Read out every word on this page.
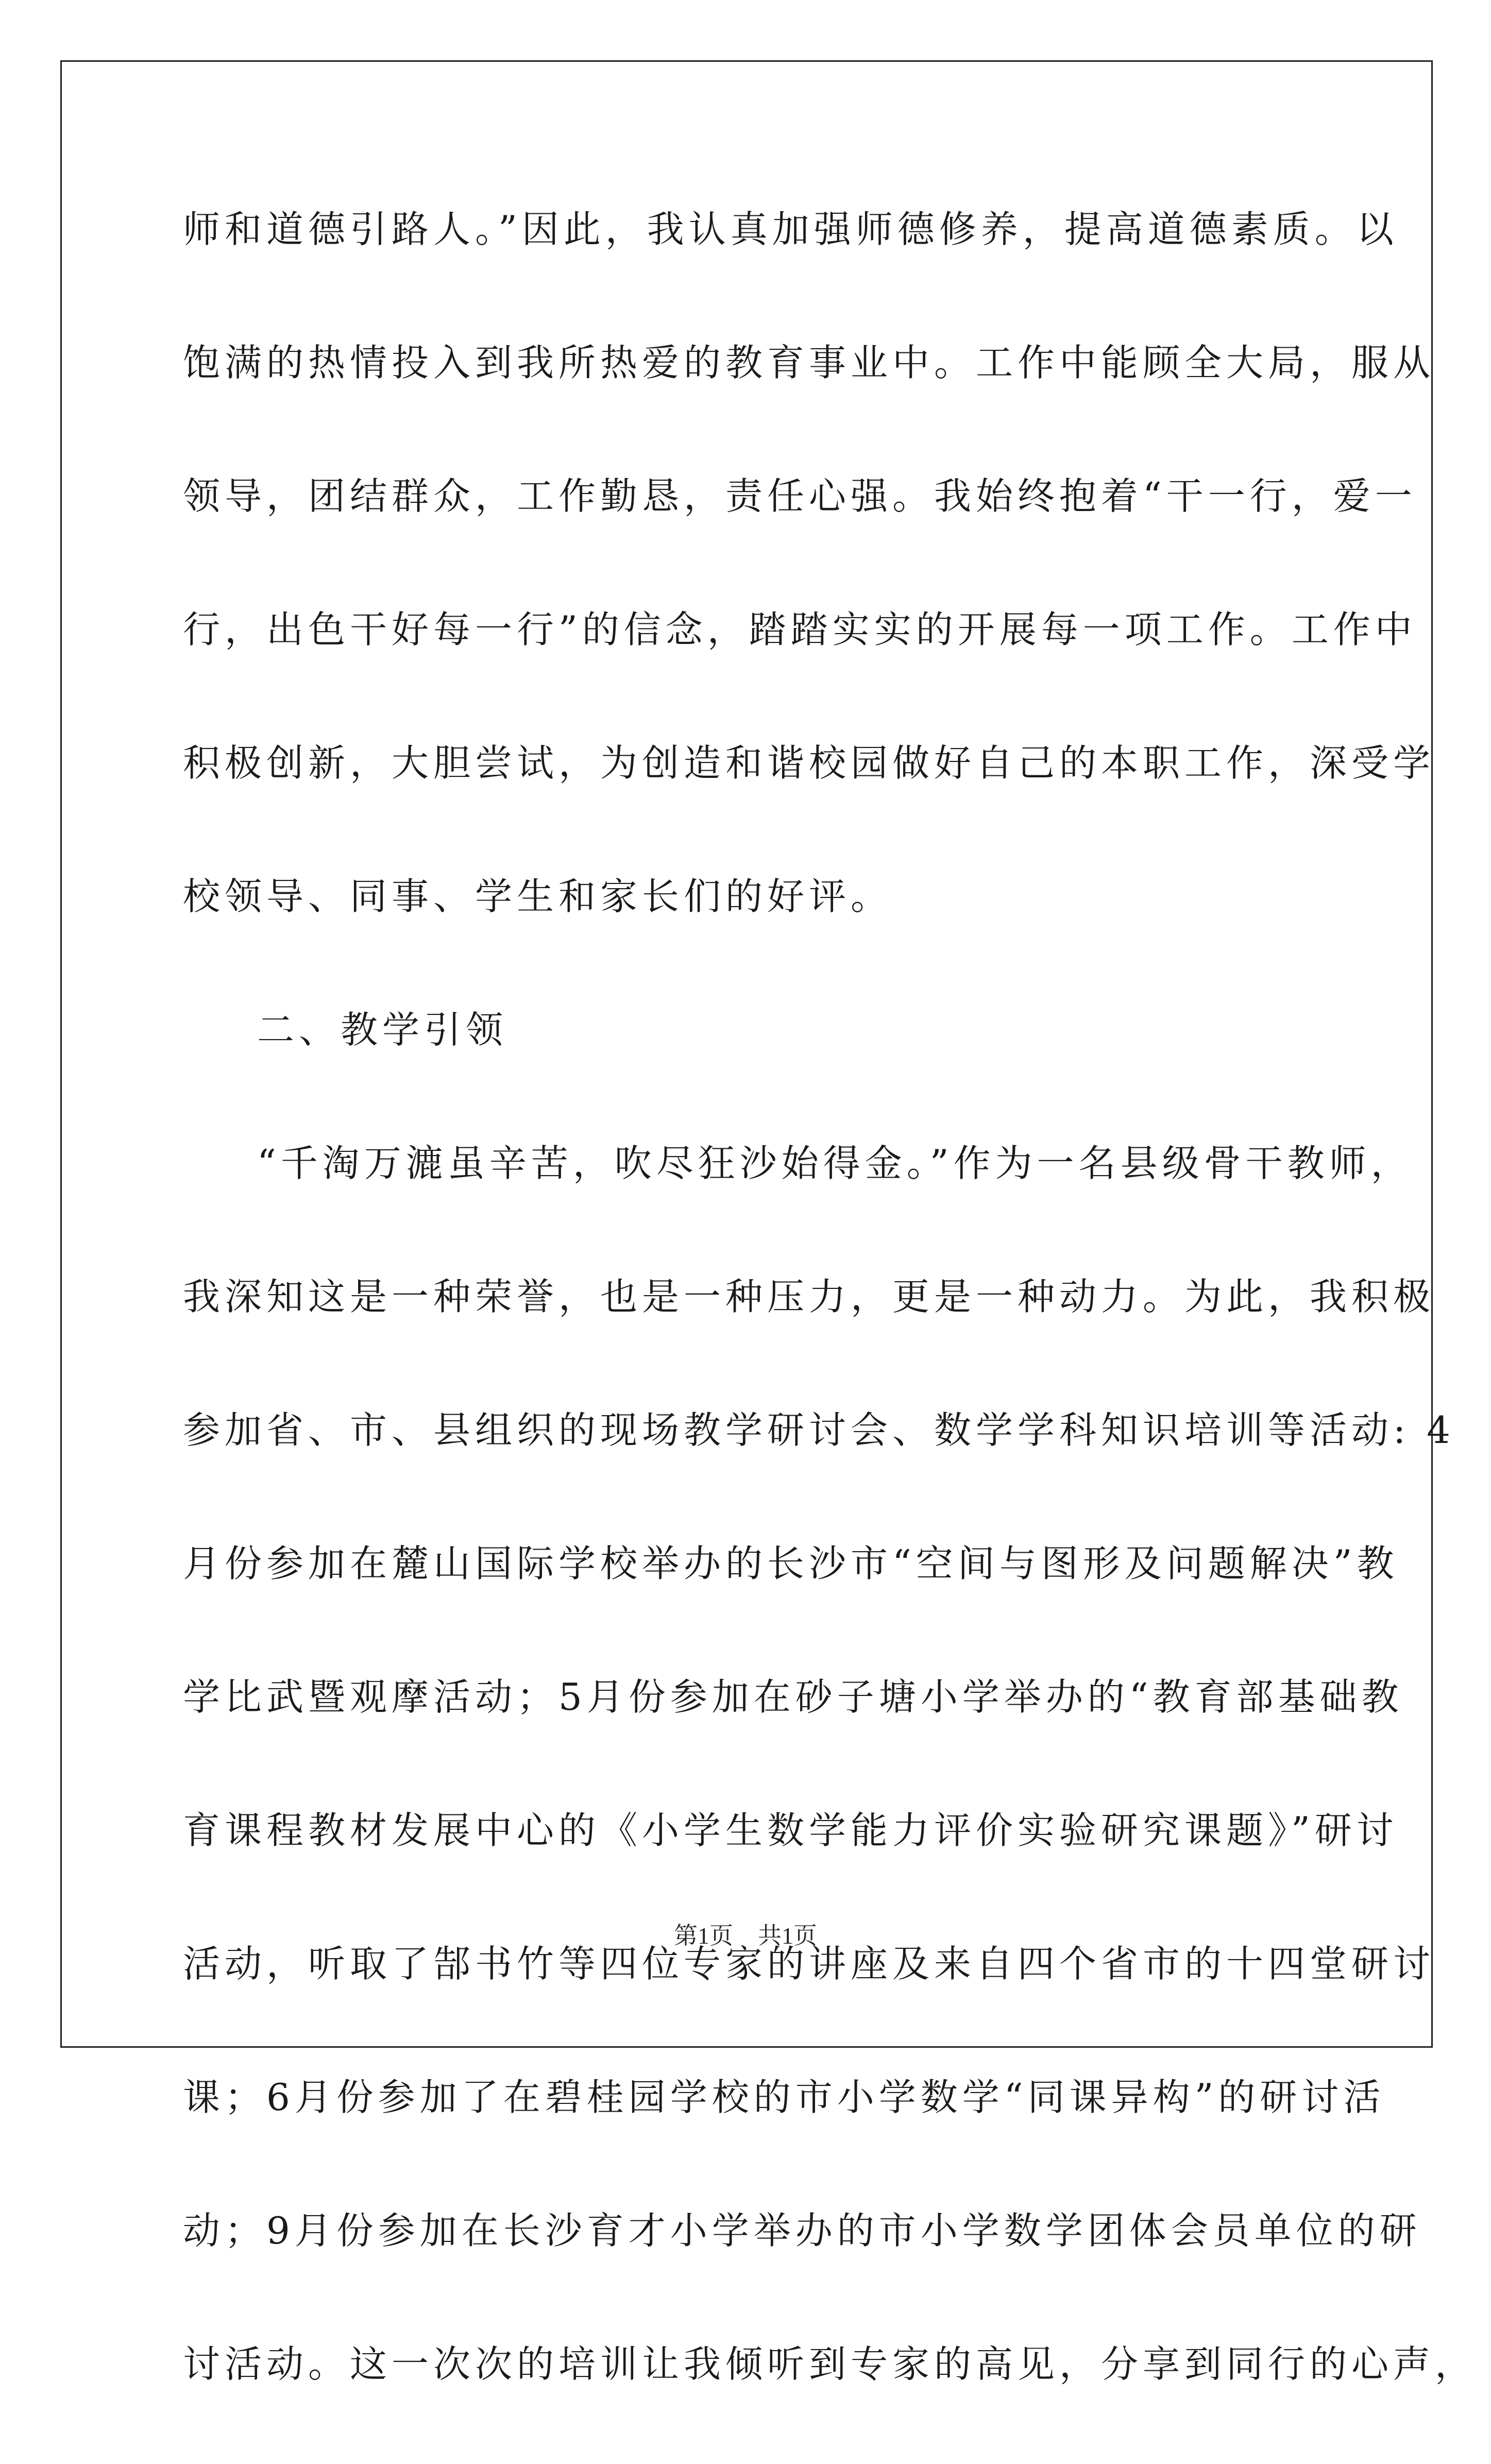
师和道德引路人。”因此，我认真加强师德修养，提高道德素质。以
饱满的热情投入到我所热爱的教育事业中。工作中能顾全大局，服从
领导，团结群众，工作勤恳，责任心强。我始终抱着“干一行，爱一
行，出色干好每一行”的信念，踏踏实实的开展每一项工作。工作中
积极创新，大胆尝试，为创造和谐校园做好自己的本职工作，深受学
校领导、同事、学生和家长们的好评。
二、教学引领
“千淘万漉虽辛苦，吹尽狂沙始得金。”作为一名县级骨干教师，
我深知这是一种荣誉，也是一种压力，更是一种动力。为此，我积极
参加省、市、县组织的现场教学研讨会、数学学科知识培训等活动: 4
月份参加在麓山国际学校举办的长沙市“空间与图形及问题解决”教
学比武暨观摩活动；5月份参加在砂子塘小学举办的“教育部基础教
育课程教材发展中心的《小学生数学能力评价实验研究课题》”研讨
活动，听取了郜书竹等四位专家的讲座及来自四个省市的十四堂研讨
课；6月份参加了在碧桂园学校的市小学数学“同课异构”的研讨活
动；9月份参加在长沙育才小学举办的市小学数学团体会员单位的研
讨活动。这一次次的培训让我倾听到专家的高见，分享到同行的心声，
第1页 共1页
